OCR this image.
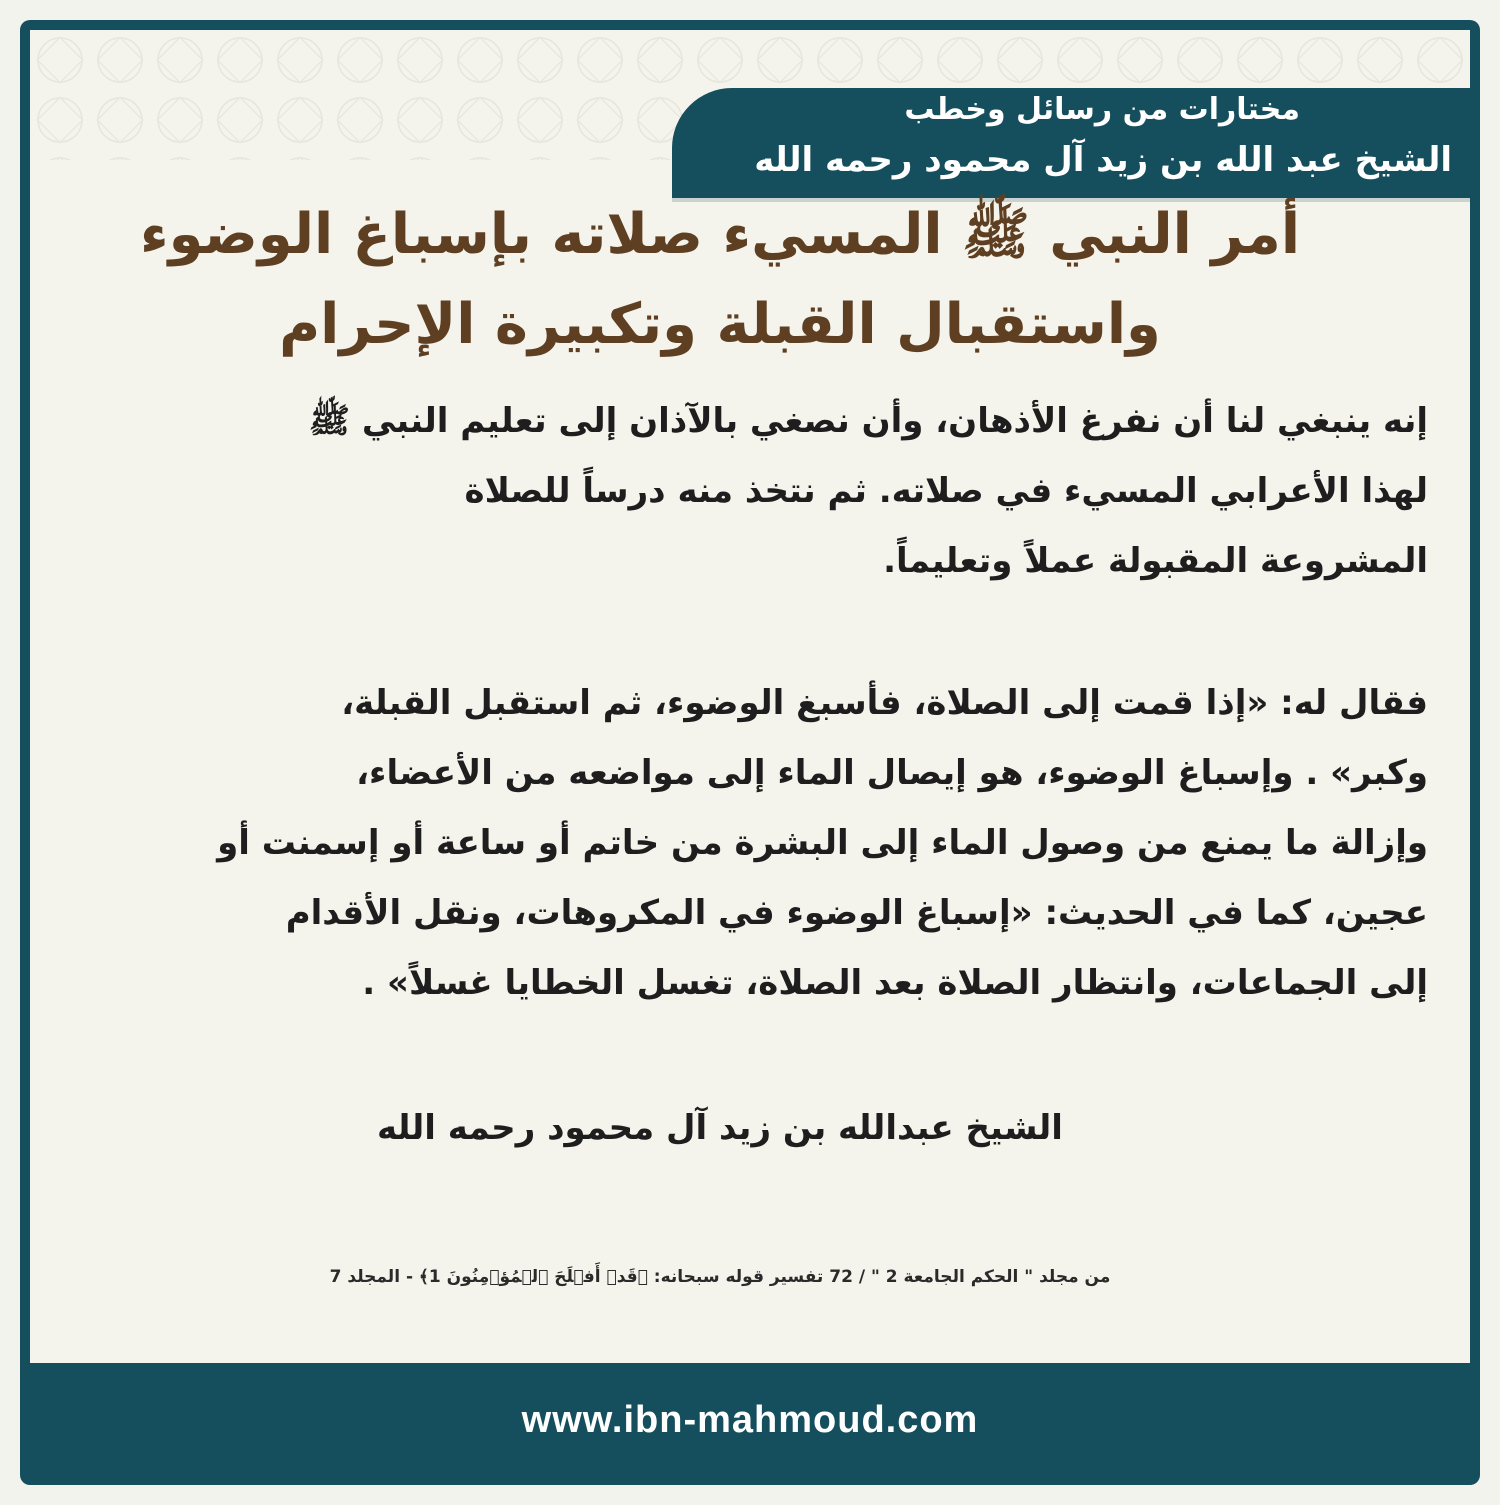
مختارات من رسائل وخطب
الشيخ عبد الله بن زيد آل محمود رحمه الله
أمر النبي ﷺ المسيء صلاته بإسباغ الوضوء
واستقبال القبلة وتكبيرة الإحرام
إنه ينبغي لنا أن نفرغ الأذهان، وأن نصغي بالآذان إلى تعليم النبي ﷺ
لهذا الأعرابي المسيء في صلاته. ثم نتخذ منه درساً للصلاة
المشروعة المقبولة عملاً وتعليماً.
فقال له: «إذا قمت إلى الصلاة، فأسبغ الوضوء، ثم استقبل القبلة،
وكبر» . وإسباغ الوضوء، هو إيصال الماء إلى مواضعه من الأعضاء،
وإزالة ما يمنع من وصول الماء إلى البشرة من خاتم أو ساعة أو إسمنت أو
عجين، كما في الحديث: «إسباغ الوضوء في المكروهات، ونقل الأقدام
إلى الجماعات، وانتظار الصلاة بعد الصلاة، تغسل الخطايا غسلاً» .
الشيخ عبدالله بن زيد آل محمود رحمه الله
من مجلد " الحكم الجامعة 2 " / 72 تفسير قوله سبحانه: ﴿قَدۡ أَفۡلَحَ ٱلۡمُؤۡمِنُونَ 1﴾ - المجلد 7
www.ibn-mahmoud.com
